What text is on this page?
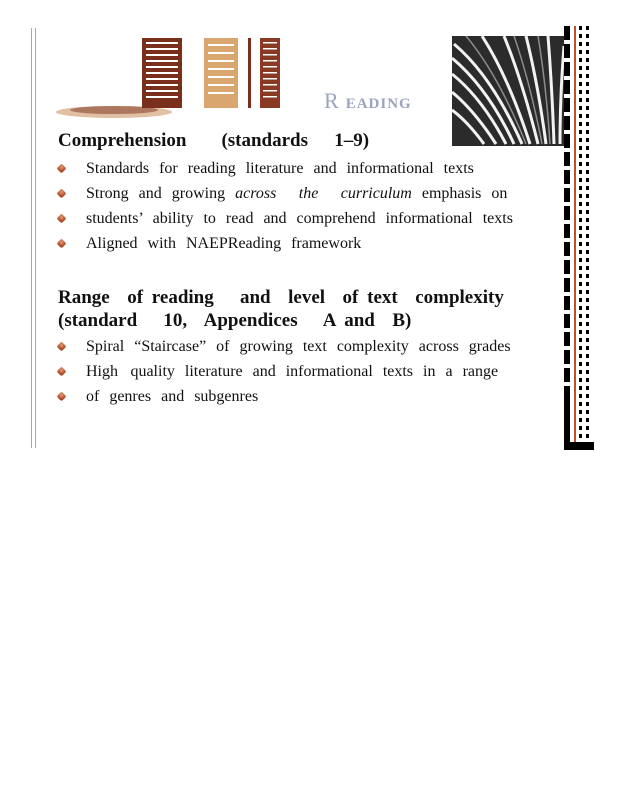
R EADING
Comprehension    (standards   1–9)
Standards for reading literature and informational texts
Strong and growing across  the  curriculum emphasis on
students’ ability to read and comprehend informational texts
Aligned with NAEPReading framework
Range  of reading   and  level  of text  complexity
(standard   10,  Appendices   A and  B)
Spiral “Staircase” of growing text complexity across grades
High quality literature and informational texts in a range
of genres and subgenres
